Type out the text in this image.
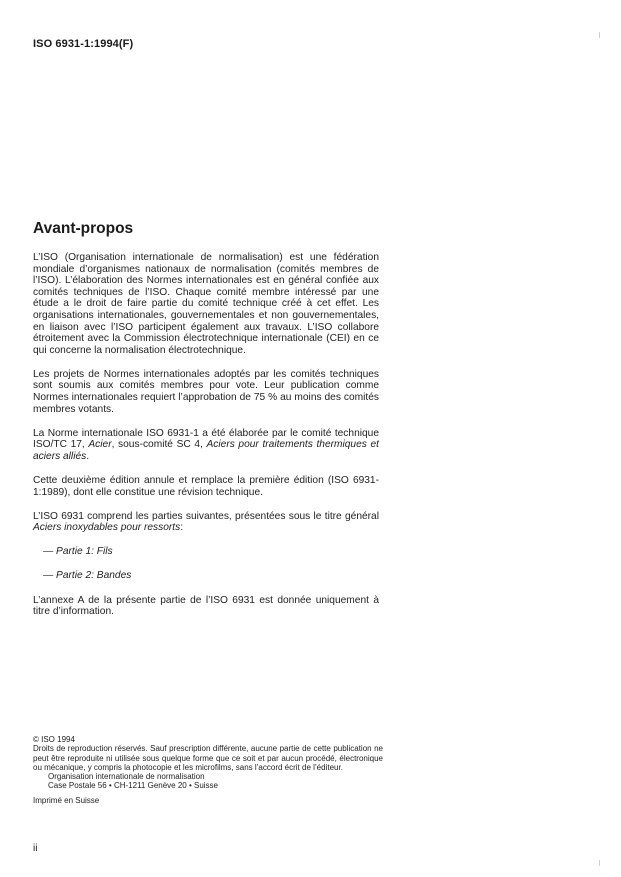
ISO 6931-1:1994(F)
Avant-propos

L’ISO (Organisation internationale de normalisation) est une fédération mondiale d’organismes nationaux de normalisation (comités membres de l’ISO). L’élaboration des Normes internationales est en général confiée aux comités techniques de l’ISO. Chaque comité membre intéressé par une étude a le droit de faire partie du comité technique créé à cet effet. Les organisations internationales, gouvernementales et non gouvernementales, en liaison avec l’ISO participent également aux travaux. L’ISO collabore étroitement avec la Commission électrotechnique internationale (CEI) en ce qui concerne la normalisation électrotechnique.

Les projets de Normes internationales adoptés par les comités techniques sont soumis aux comités membres pour vote. Leur publication comme Normes internationales requiert l’approbation de 75 % au moins des comités membres votants.

La Norme internationale ISO 6931-1 a été élaborée par le comité technique ISO/TC 17, Acier, sous-comité SC 4, Aciers pour traitements thermiques et aciers alliés.

Cette deuxième édition annule et remplace la première édition (ISO 6931-1:1989), dont elle constitue une révision technique.

L’ISO 6931 comprend les parties suivantes, présentées sous le titre général Aciers inoxydables pour ressorts:

— Partie 1: Fils

— Partie 2: Bandes

L’annexe A de la présente partie de l’ISO 6931 est donnée uniquement à titre d’information.

© ISO 1994

Droits de reproduction réservés. Sauf prescription différente, aucune partie de cette publication ne peut être reproduite ni utilisée sous quelque forme que ce soit et par aucun procédé, électronique ou mécanique, y compris la photocopie et les microfilms, sans l’accord écrit de l’éditeur.

Organisation internationale de normalisation

Case Postale 56 • CH-1211 Genève 20 • Suisse

Imprimé en Suisse

ii
